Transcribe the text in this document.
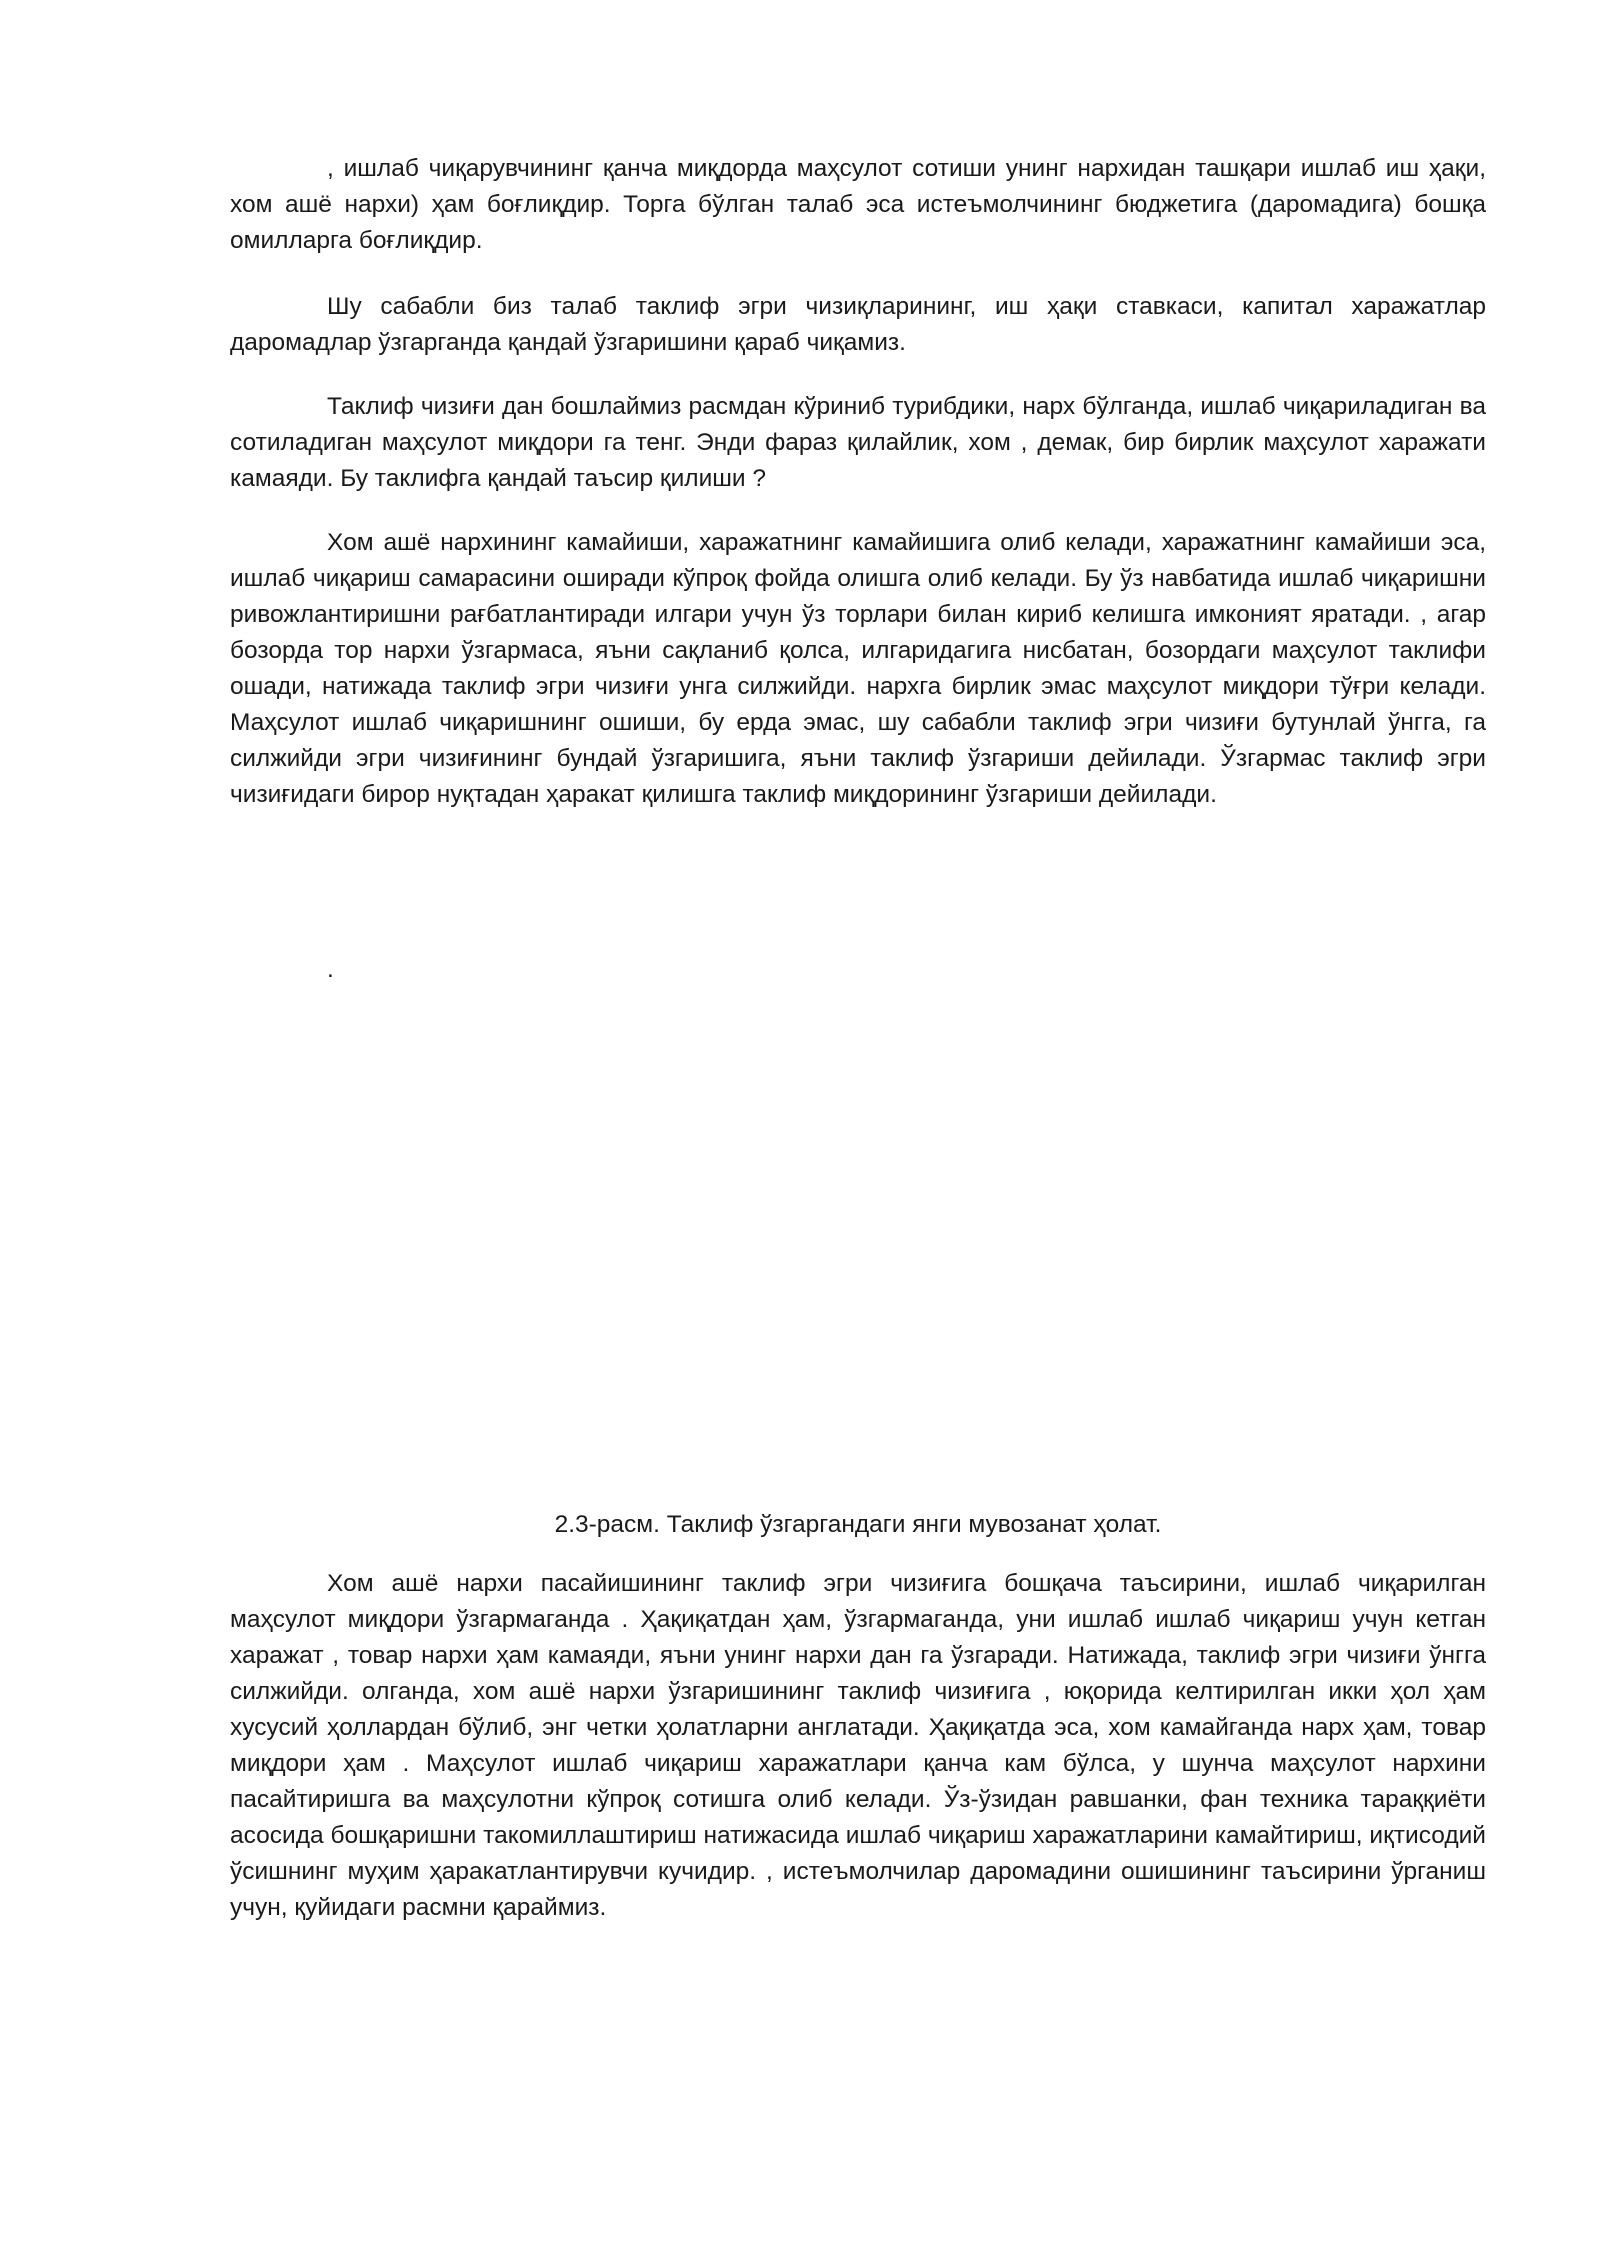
, ишлаб чиқарувчининг қанча миқдорда маҳсулот сотиши унинг нархидан ташқари ишлаб иш ҳақи, хом ашё нархи) ҳам боғлиқдир. Торга бўлган талаб эса истеъмолчининг бюджетига (даромадига) бошқа омилларга боғлиқдир.

Шу сабабли биз талаб таклиф эгри чизиқларининг, иш ҳақи ставкаси, капитал харажатлар даромадлар ўзгарганда қандай ўзгаришини қараб чиқамиз.

Таклиф чизиғи дан бошлаймиз расмдан кўриниб турибдики, нарх бўлганда, ишлаб чиқариладиган ва сотиладиган маҳсулот миқдори га тенг. Энди фараз қилайлик, хом , демак, бир бирлик маҳсулот харажати камаяди. Бу таклифга қандай таъсир қилиши ?

Хом ашё нархининг камайиши, харажатнинг камайишига олиб келади, харажатнинг камайиши эса, ишлаб чиқариш самарасини оширади кўпроқ фойда олишга олиб келади. Бу ўз навбатида ишлаб чиқаришни ривожлантиришни рағбатлантиради илгари учун ўз торлари билан кириб келишга имконият яратади. , агар бозорда тор нархи ўзгармаса, яъни сақланиб қолса, илгаридагига нисбатан, бозордаги маҳсулот таклифи ошади, натижада таклиф эгри чизиғи унга силжийди. нархга бирлик эмас маҳсулот миқдори тўғри келади. Маҳсулот ишлаб чиқаришнинг ошиши, бу ерда эмас, шу сабабли таклиф эгри чизиғи бутунлай ўнгга, га силжийди эгри чизиғининг бундай ўзгаришига, яъни таклиф ўзгариши дейилади. Ўзгармас таклиф эгри чизиғидаги бирор нуқтадан ҳаракат қилишга таклиф миқдорининг ўзгариши дейилади.

.

2.3-расм. Таклиф ўзгаргандаги янги мувозанат ҳолат.

Хом ашё нархи пасайишининг таклиф эгри чизиғига бошқача таъсирини, ишлаб чиқарилган маҳсулот миқдори ўзгармаганда . Ҳақиқатдан ҳам, ўзгармаганда, уни ишлаб ишлаб чиқариш учун кетган харажат , товар нархи ҳам камаяди, яъни унинг нархи дан га ўзгаради. Натижада, таклиф эгри чизиғи ўнгга силжийди. олганда, хом ашё нархи ўзгаришининг таклиф чизиғига , юқорида келтирилган икки ҳол ҳам хусусий ҳоллардан бўлиб, энг четки ҳолатларни англатади. Ҳақиқатда эса, хом камайганда нарх ҳам, товар миқдори ҳам . Маҳсулот ишлаб чиқариш харажатлари қанча кам бўлса, у шунча маҳсулот нархини пасайтиришга ва маҳсулотни кўпроқ сотишга олиб келади. Ўз-ўзидан равшанки, фан техника тараққиёти асосида бошқаришни такомиллаштириш натижасида ишлаб чиқариш харажатларини камайтириш, иқтисодий ўсишнинг муҳим ҳаракатлантирувчи кучидир. , истеъмолчилар даромадини ошишининг таъсирини ўрганиш учун, қуйидаги расмни қараймиз.
